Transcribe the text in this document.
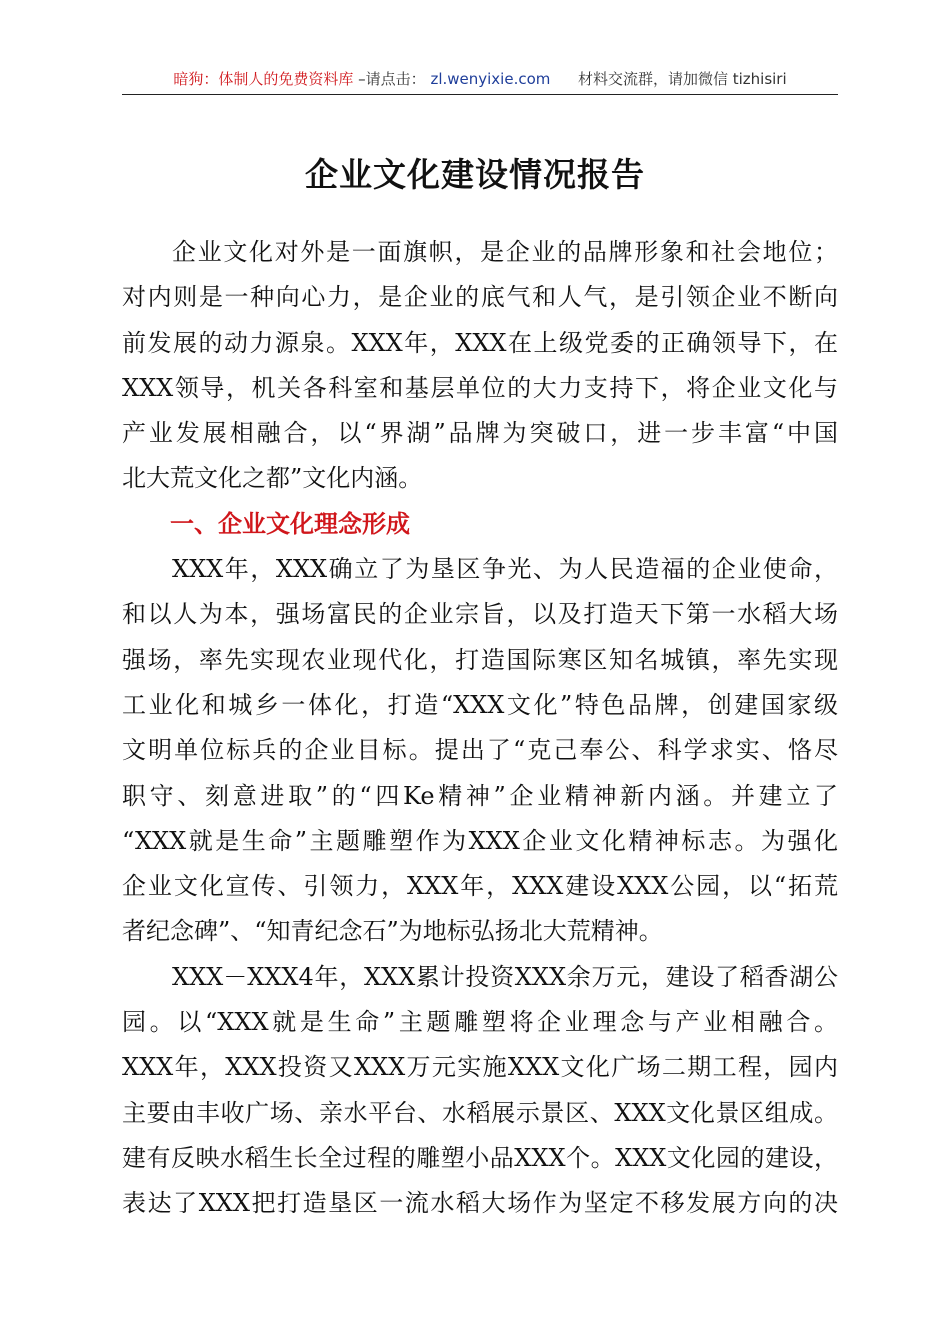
暗狗：体制人的免费资料库 –请点击： zl.wenyixie.com 材料交流群，请加微信 tizhisiri
企业文化建设情况报告
企业文化对外是一面旗帜，是企业的品牌形象和社会地位；
对内则是一种向心力，是企业的底气和人气，是引领企业不断向
前发展的动力源泉。XXX年，XXX在上级党委的正确领导下，在
XXX领导，机关各科室和基层单位的大力支持下，将企业文化与
产业发展相融合，以“界湖”品牌为突破口，进一步丰富“中国
北大荒文化之都”文化内涵。
一、企业文化理念形成
XXX年，XXX确立了为垦区争光、为人民造福的企业使命，
和以人为本，强场富民的企业宗旨，以及打造天下第一水稻大场
强场，率先实现农业现代化，打造国际寒区知名城镇，率先实现
工业化和城乡一体化，打造“XXX文化”特色品牌，创建国家级
文明单位标兵的企业目标。提出了“克己奉公、科学求实、恪尽
职守、刻意进取”的“四Ke精神”企业精神新内涵。并建立了
“XXX就是生命”主题雕塑作为XXX企业文化精神标志。为强化
企业文化宣传、引领力，XXX年，XXX建设XXX公园，以“拓荒
者纪念碑”、“知青纪念石”为地标弘扬北大荒精神。
XXX－XXX4年，XXX累计投资XXX余万元，建设了稻香湖公
园。以“XXX就是生命”主题雕塑将企业理念与产业相融合。
XXX年，XXX投资又XXX万元实施XXX文化广场二期工程，园内
主要由丰收广场、亲水平台、水稻展示景区、XXX文化景区组成。
建有反映水稻生长全过程的雕塑小品XXX个。XXX文化园的建设，
表达了XXX把打造垦区一流水稻大场作为坚定不移发展方向的决
